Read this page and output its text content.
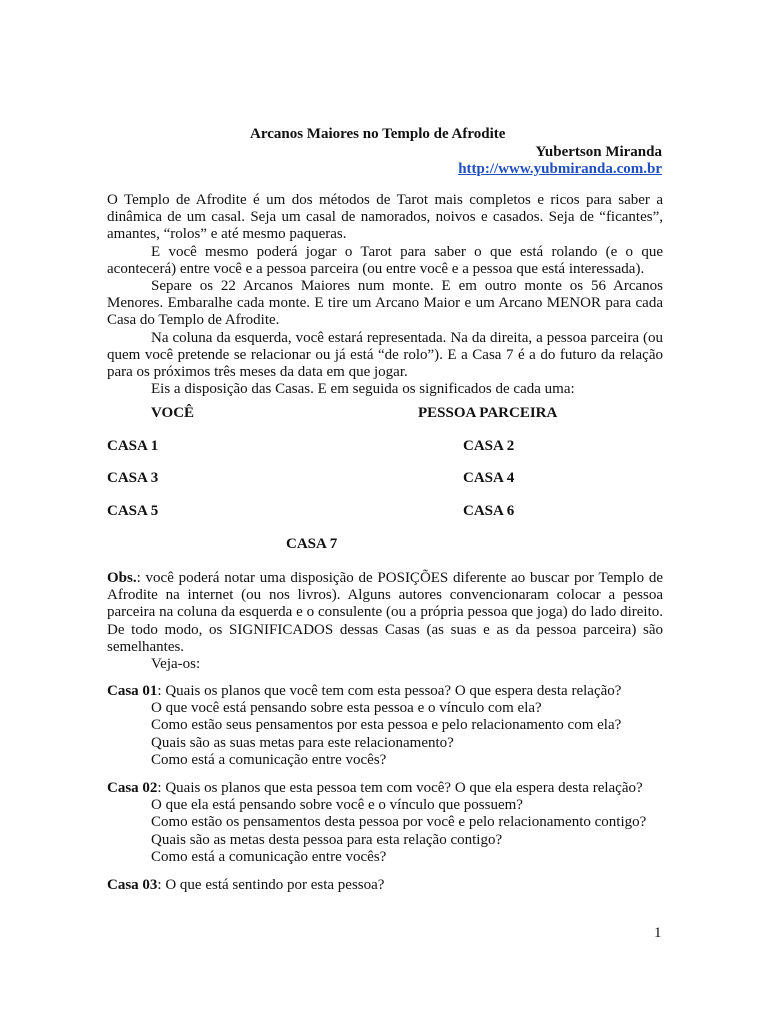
Arcanos Maiores no Templo de Afrodite
Yubertson Miranda
http://www.yubmiranda.com.br

O Templo de Afrodite é um dos métodos de Tarot mais completos e ricos para saber a dinâmica de um casal. Seja um casal de namorados, noivos e casados. Seja de “ficantes”, amantes, “rolos” e até mesmo paqueras.

E você mesmo poderá jogar o Tarot para saber o que está rolando (e o que acontecerá) entre você e a pessoa parceira (ou entre você e a pessoa que está interessada).

Separe os 22 Arcanos Maiores num monte. E em outro monte os 56 Arcanos Menores. Embaralhe cada monte. E tire um Arcano Maior e um Arcano MENOR para cada Casa do Templo de Afrodite.

Na coluna da esquerda, você estará representada. Na da direita, a pessoa parceira (ou quem você pretende se relacionar ou já está “de rolo”). E a Casa 7 é a do futuro da relação para os próximos três meses da data em que jogar.

Eis a disposição das Casas. E em seguida os significados de cada uma:

VOCÊ	PESSOA PARCEIRA
CASA 1	CASA 2
CASA 3	CASA 4
CASA 5	CASA 6
CASA 7

Obs.: você poderá notar uma disposição de POSIÇÕES diferente ao buscar por Templo de Afrodite na internet (ou nos livros). Alguns autores convencionaram colocar a pessoa parceira na coluna da esquerda e o consulente (ou a própria pessoa que joga) do lado direito. De todo modo, os SIGNIFICADOS dessas Casas (as suas e as da pessoa parceira) são semelhantes.

Veja-os:

Casa 01: Quais os planos que você tem com esta pessoa? O que espera desta relação?

O que você está pensando sobre esta pessoa e o vínculo com ela?

Como estão seus pensamentos por esta pessoa e pelo relacionamento com ela?

Quais são as suas metas para este relacionamento?

Como está a comunicação entre vocês?

Casa 02: Quais os planos que esta pessoa tem com você? O que ela espera desta relação?

O que ela está pensando sobre você e o vínculo que possuem?

Como estão os pensamentos desta pessoa por você e pelo relacionamento contigo?

Quais são as metas desta pessoa para esta relação contigo?

Como está a comunicação entre vocês?

Casa 03: O que está sentindo por esta pessoa?

1
